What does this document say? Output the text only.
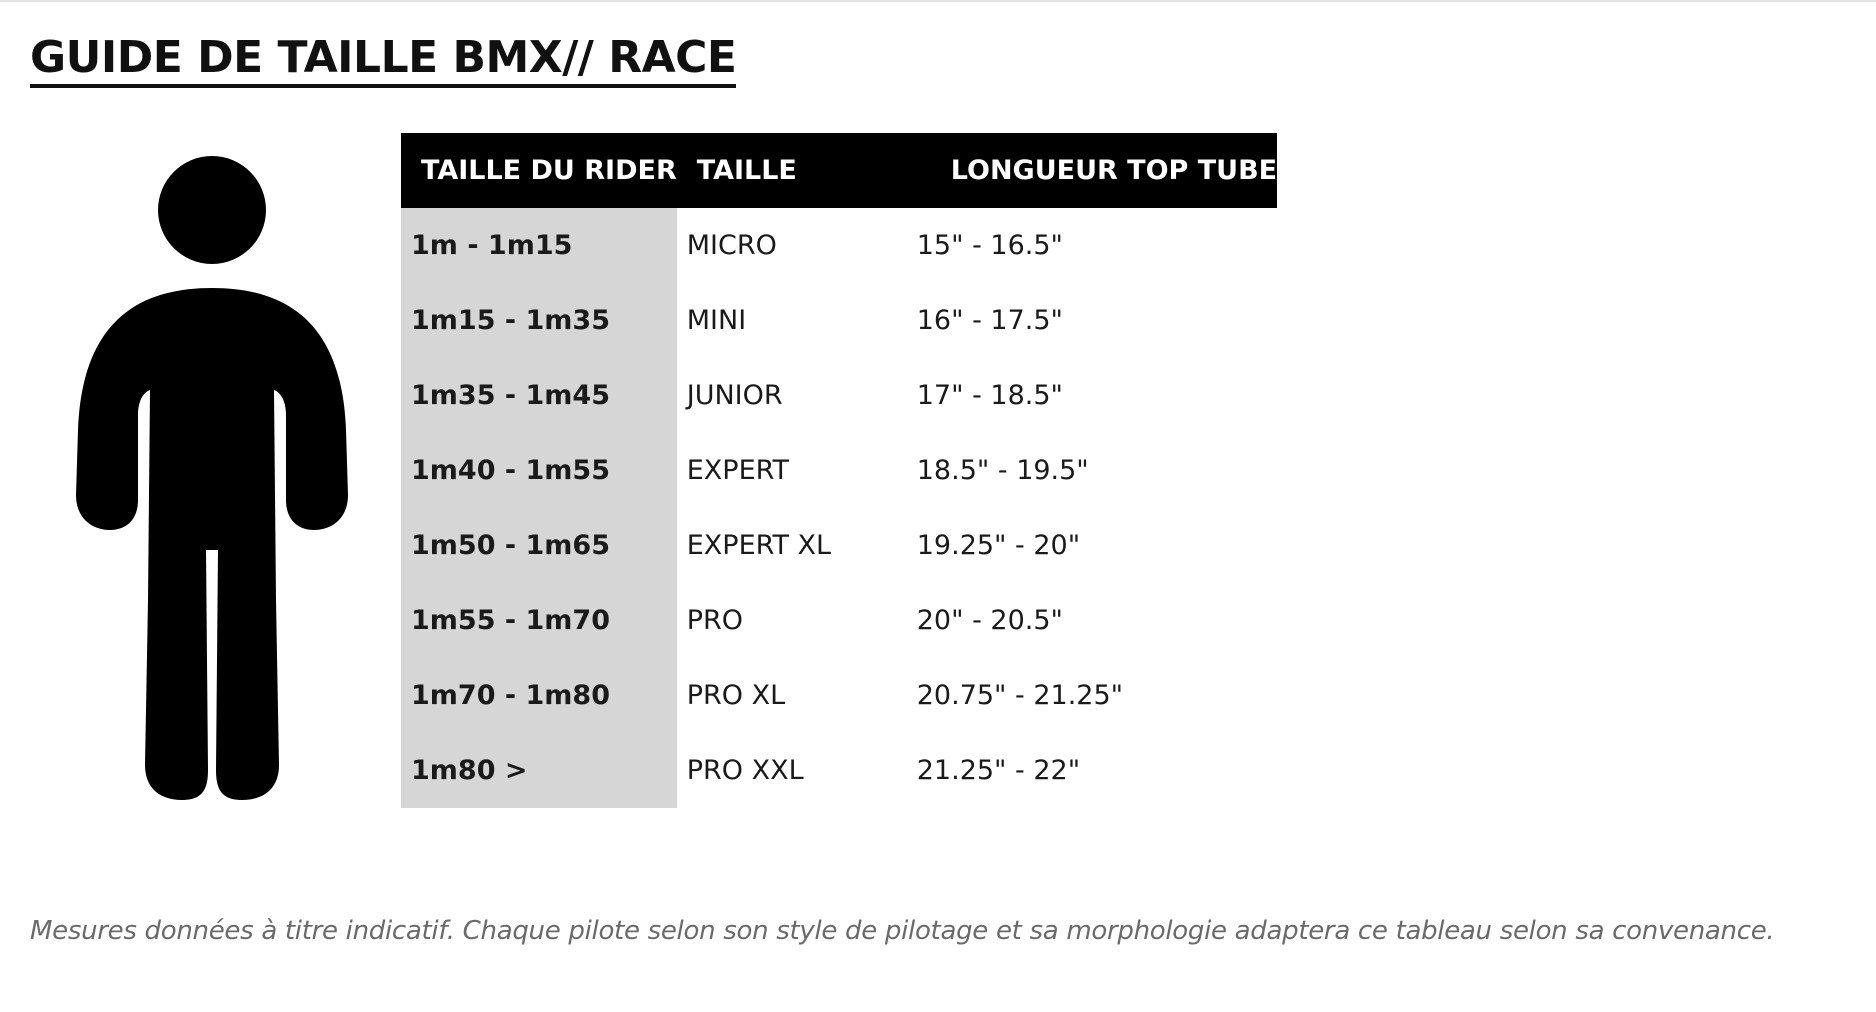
GUIDE DE TAILLE BMX// RACE
TAILLE DU RIDER	TAILLE	LONGUEUR TOP TUBE
1m - 1m15	MICRO	15" - 16.5"
1m15 - 1m35	MINI	16" - 17.5"
1m35 - 1m45	JUNIOR	17" - 18.5"
1m40 - 1m55	EXPERT	18.5" - 19.5"
1m50 - 1m65	EXPERT XL	19.25" - 20"
1m55 - 1m70	PRO	20" - 20.5"
1m70 - 1m80	PRO XL	20.75" - 21.25"
1m80 >	PRO XXL	21.25" - 22"

Mesures données à titre indicatif. Chaque pilote selon son style de pilotage et sa morphologie adaptera ce tableau selon sa convenance.
